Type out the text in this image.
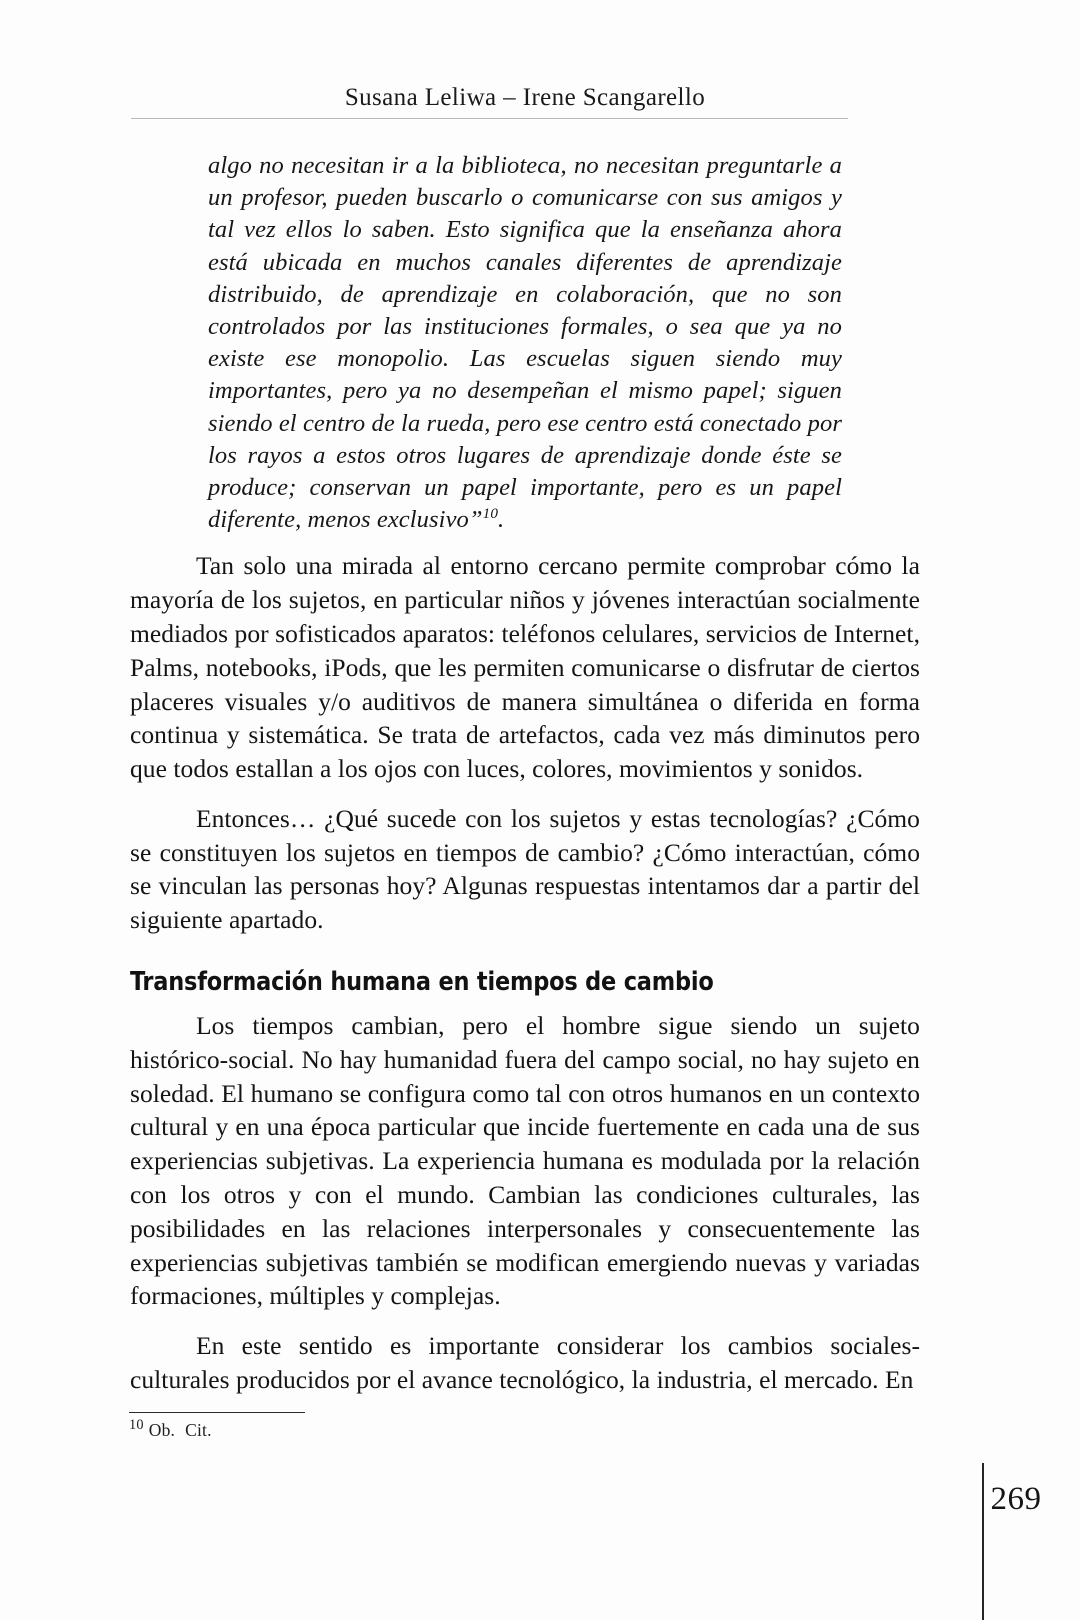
Susana Leliwa – Irene Scangarello

algo no necesitan ir a la biblioteca, no necesitan preguntarle a un profesor, pueden buscarlo o comunicarse con sus amigos y tal vez ellos lo saben. Esto significa que la enseñanza ahora está ubicada en muchos canales diferentes de aprendizaje distribuido, de aprendizaje en colaboración, que no son controlados por las instituciones formales, o sea que ya no existe ese monopolio. Las escuelas siguen siendo muy importantes, pero ya no desempeñan el mismo papel; siguen siendo el centro de la rueda, pero ese centro está conectado por los rayos a estos otros lugares de aprendizaje donde éste se produce; conservan un papel importante, pero es un papel diferente, menos exclusivo”$^{10}$.

Tan solo una mirada al entorno cercano permite comprobar cómo la mayoría de los sujetos, en particular niños y jóvenes interactúan socialmente mediados por sofisticados aparatos: teléfonos celulares, servicios de Internet, Palms, notebooks, iPods, que les permiten comunicarse o disfrutar de ciertos placeres visuales y/o auditivos de manera simultánea o diferida en forma continua y sistemática. Se trata de artefactos, cada vez más diminutos pero que todos estallan a los ojos con luces, colores, movimientos y sonidos.

Entonces… ¿Qué sucede con los sujetos y estas tecnologías? ¿Cómo se constituyen los sujetos en tiempos de cambio? ¿Cómo interactúan, cómo se vinculan las personas hoy? Algunas respuestas intentamos dar a partir del siguiente apartado.

Transformación humana en tiempos de cambio

Los tiempos cambian, pero el hombre sigue siendo un sujeto histórico-social. No hay humanidad fuera del campo social, no hay sujeto en soledad. El humano se configura como tal con otros humanos en un contexto cultural y en una época particular que incide fuertemente en cada una de sus experiencias subjetivas. La experiencia humana es modulada por la relación con los otros y con el mundo. Cambian las condiciones culturales, las posibilidades en las relaciones interpersonales y consecuentemente las experiencias subjetivas también se modifican emergiendo nuevas y variadas formaciones, múltiples y complejas.

En este sentido es importante considerar los cambios sociales-culturales producidos por el avance tecnológico, la industria, el mercado. En

$^{10}$ Ob. Cit.
269
